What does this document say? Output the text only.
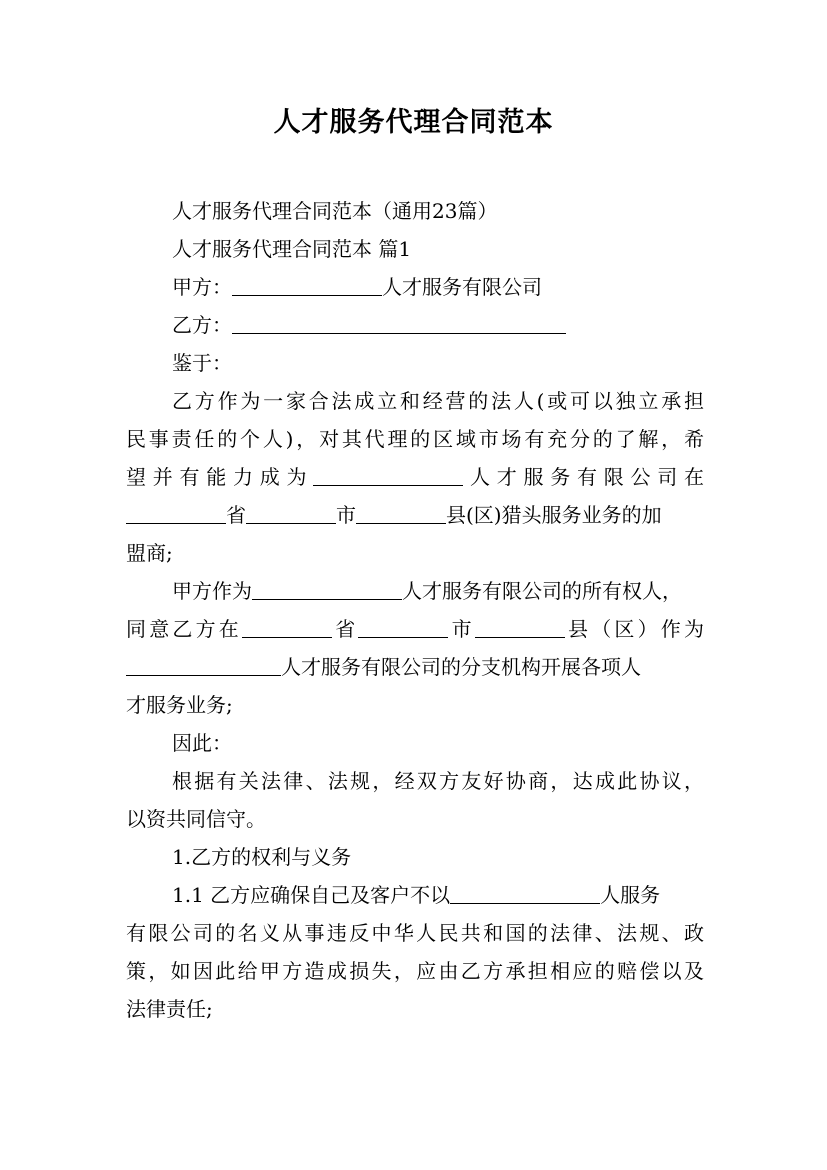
人才服务代理合同范本

人才服务代理合同范本（通用23篇）

人才服务代理合同范本 篇1

甲方：	人才服务有限公司

乙方：

鉴于：

乙方作为一家合法成立和经营的法人(或可以独立承担

民事责任的个人)，对其代理的区域市场有充分的了解，希

望并有能力成为	人才服务有限公司在

省	市	县(区)猎头服务业务的加

盟商;

甲方作为	人才服务有限公司的所有权人，

同意乙方在	省	市	县（区）作为

人才服务有限公司的分支机构开展各项人

才服务业务;

因此：

根据有关法律、法规，经双方友好协商，达成此协议，

以资共同信守。

1.乙方的权利与义务

1.1 乙方应确保自己及客户不以	人服务

有限公司的名义从事违反中华人民共和国的法律、法规、政

策，如因此给甲方造成损失，应由乙方承担相应的赔偿以及

法律责任;
